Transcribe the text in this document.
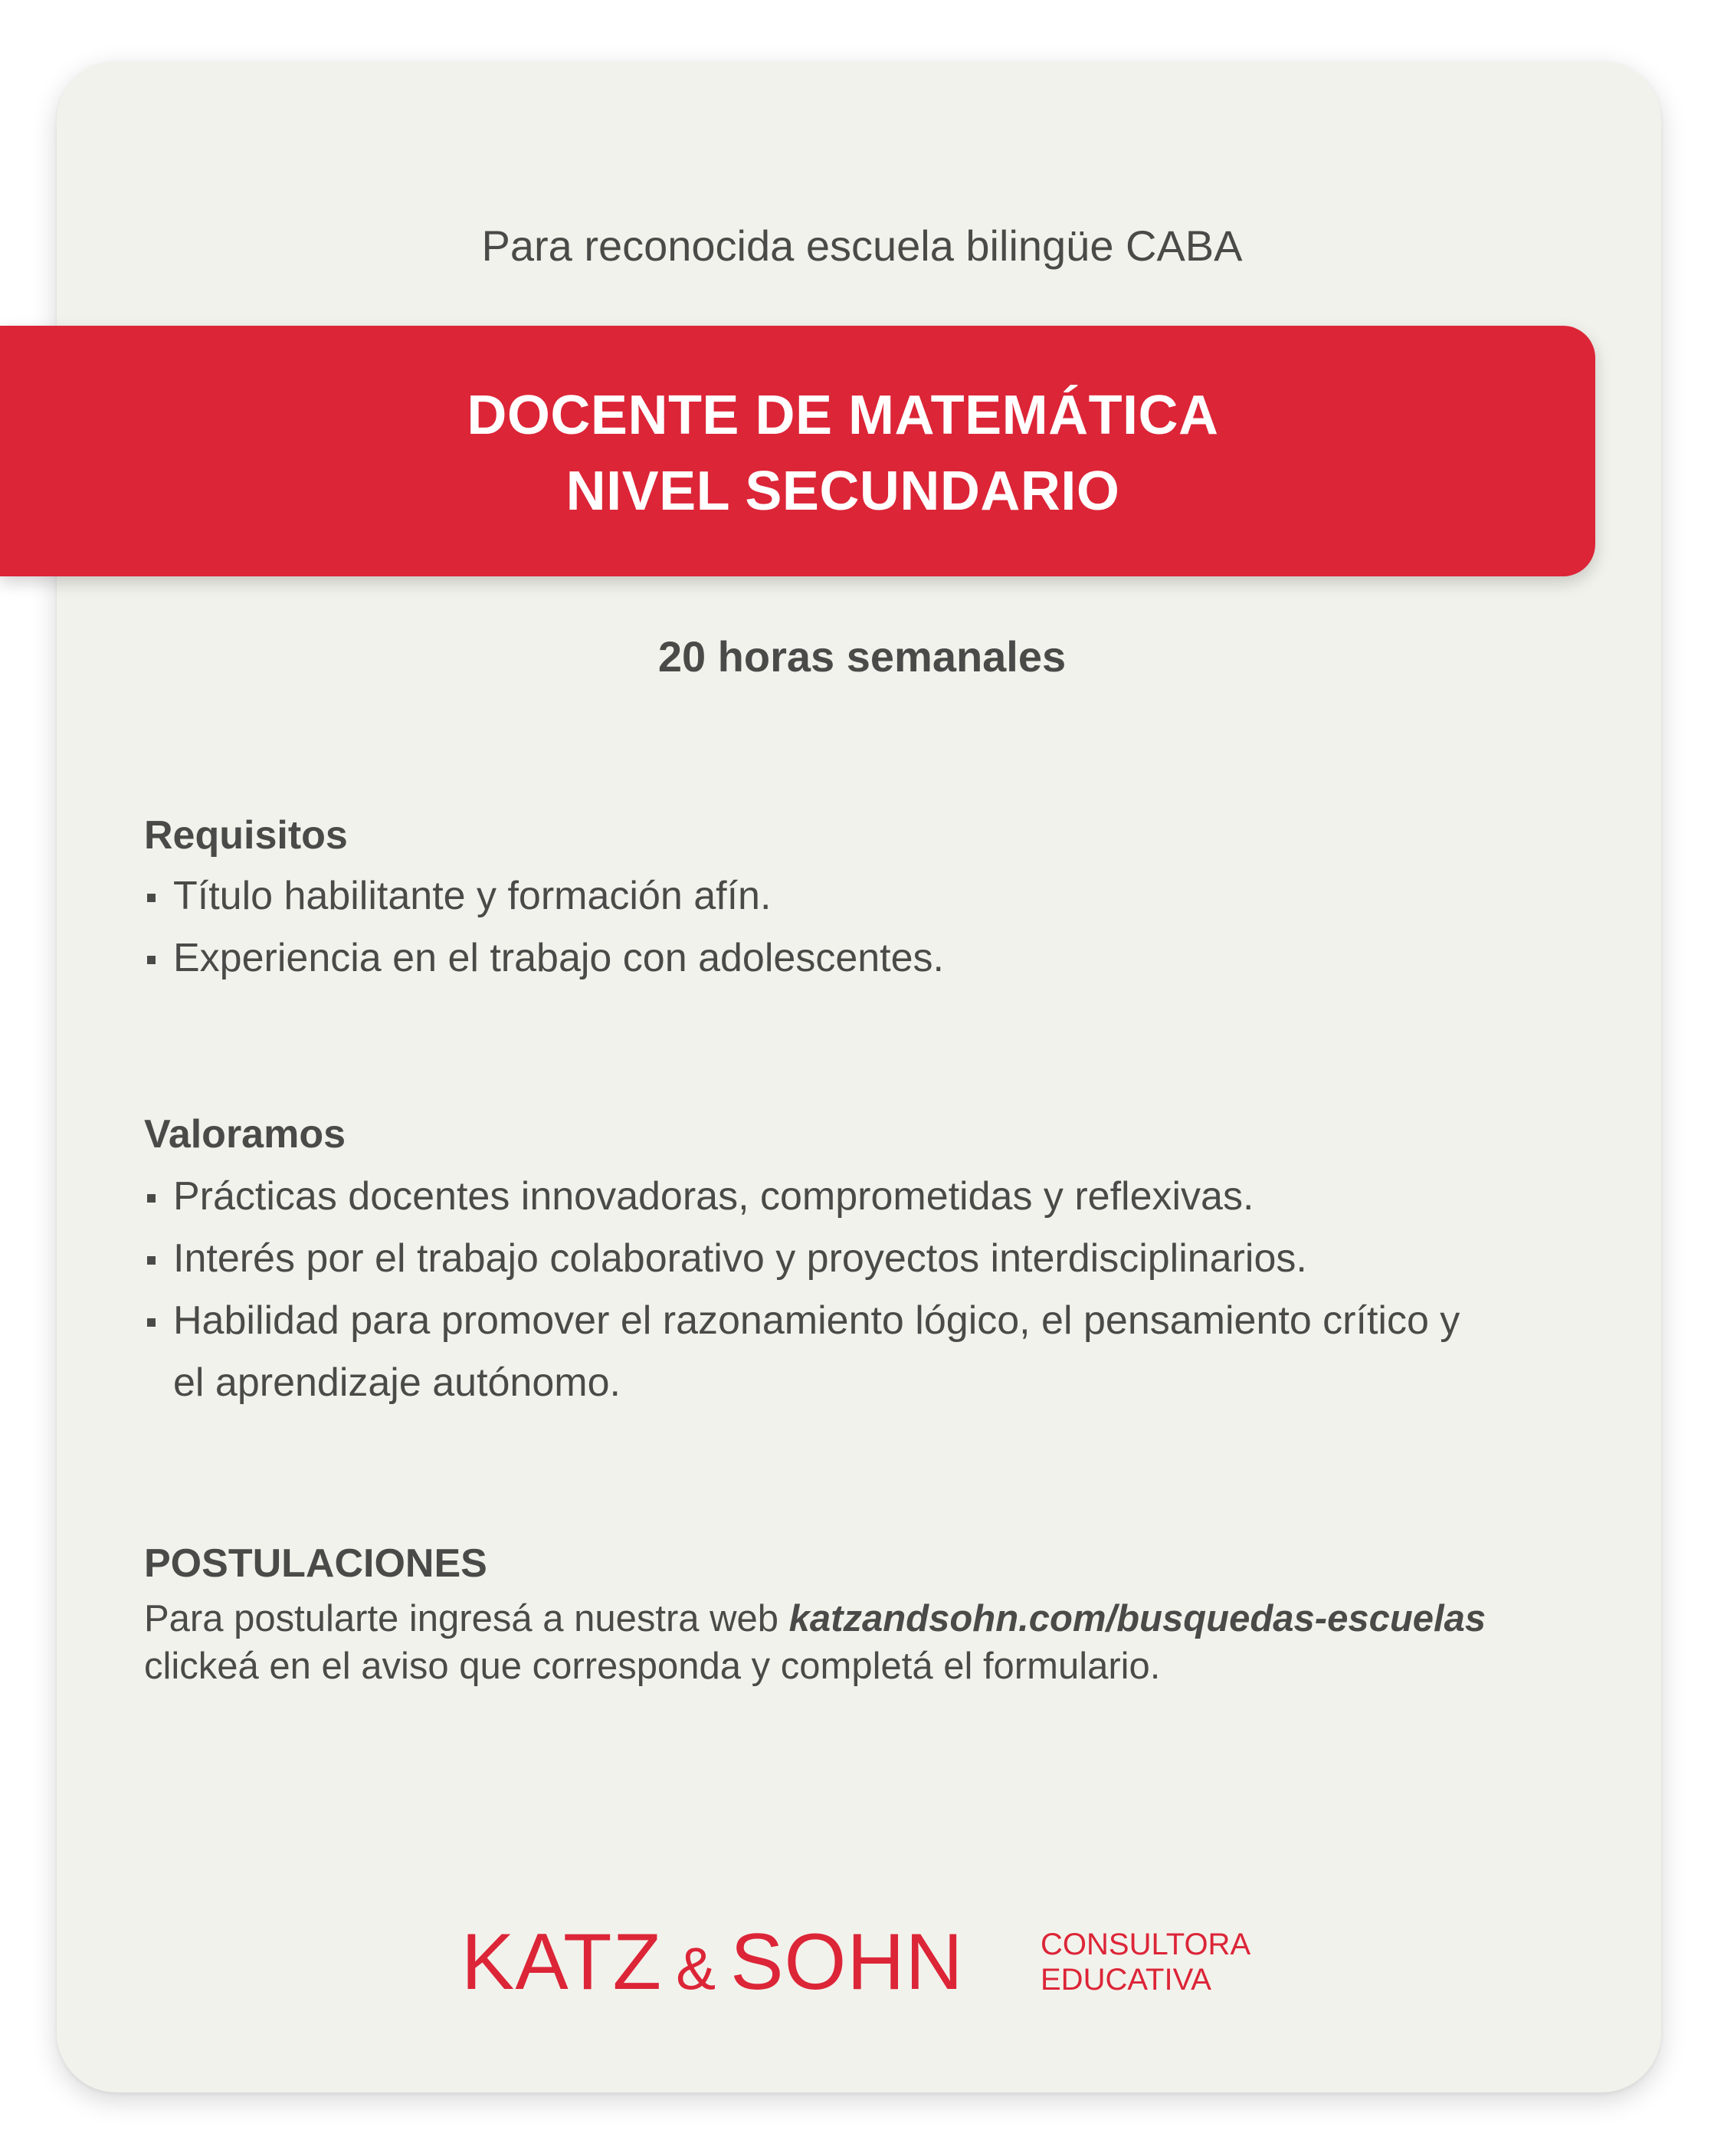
Para reconocida escuela bilingüe CABA
DOCENTE DE MATEMÁTICA
NIVEL SECUNDARIO
20 horas semanales
Requisitos
Título habilitante y formación afín.
Experiencia en el trabajo con adolescentes.
Valoramos
Prácticas docentes innovadoras, comprometidas y reflexivas.
Interés por el trabajo colaborativo y proyectos interdisciplinarios.
Habilidad para promover el razonamiento lógico, el pensamiento crítico y el aprendizaje autónomo.
POSTULACIONES
Para postularte ingresá a nuestra web katzandsohn.com/busquedas-escuelas
clickeá en el aviso que corresponda y completá el formulario.
KATZ & SOHN	CONSULTORA
EDUCATIVA
